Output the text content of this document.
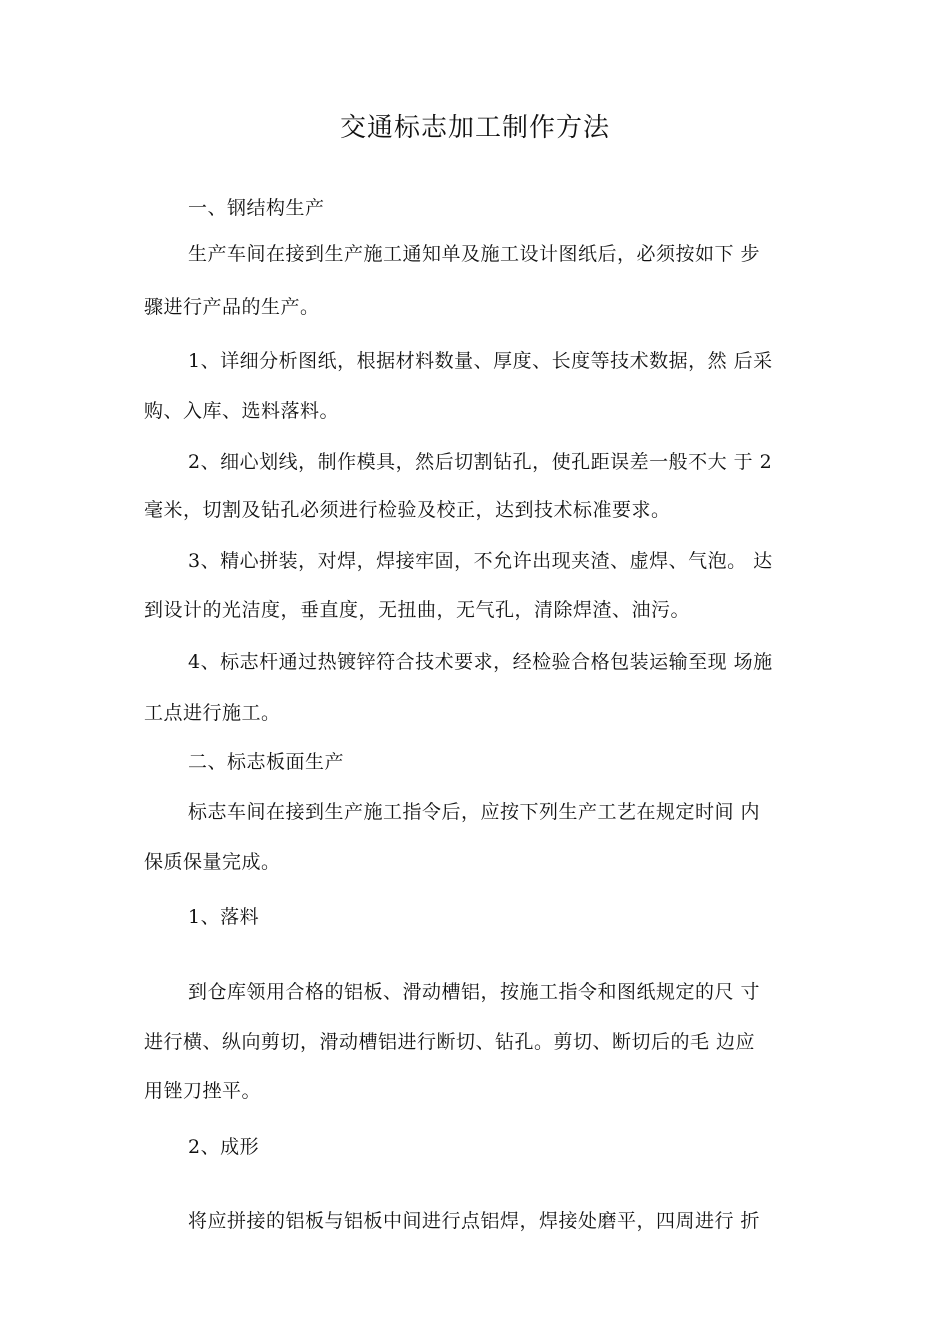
交通标志加工制作方法
一、钢结构生产
生产车间在接到生产施工通知单及施工设计图纸后，必须按如下 步
骤进行产品的生产。
1、详细分析图纸，根据材料数量、厚度、长度等技术数据，然 后采
购、入库、选料落料。
2、细心划线，制作模具，然后切割钻孔，使孔距误差一般不大 于 2
毫米，切割及钻孔必须进行检验及校正，达到技术标准要求。
3、精心拼装，对焊，焊接牢固，不允许出现夹渣、虚焊、气泡。 达
到设计的光洁度，垂直度，无扭曲，无气孔，清除焊渣、油污。
4、标志杆通过热镀锌符合技术要求，经检验合格包装运输至现 场施
工点进行施工。
二、标志板面生产
标志车间在接到生产施工指令后，应按下列生产工艺在规定时间 内
保质保量完成。
1、落料
到仓库领用合格的铝板、滑动槽铝，按施工指令和图纸规定的尺 寸
进行横、纵向剪切，滑动槽铝进行断切、钻孔。剪切、断切后的毛 边应
用锉刀挫平。
2、成形
将应拼接的铝板与铝板中间进行点铝焊，焊接处磨平，四周进行 折
